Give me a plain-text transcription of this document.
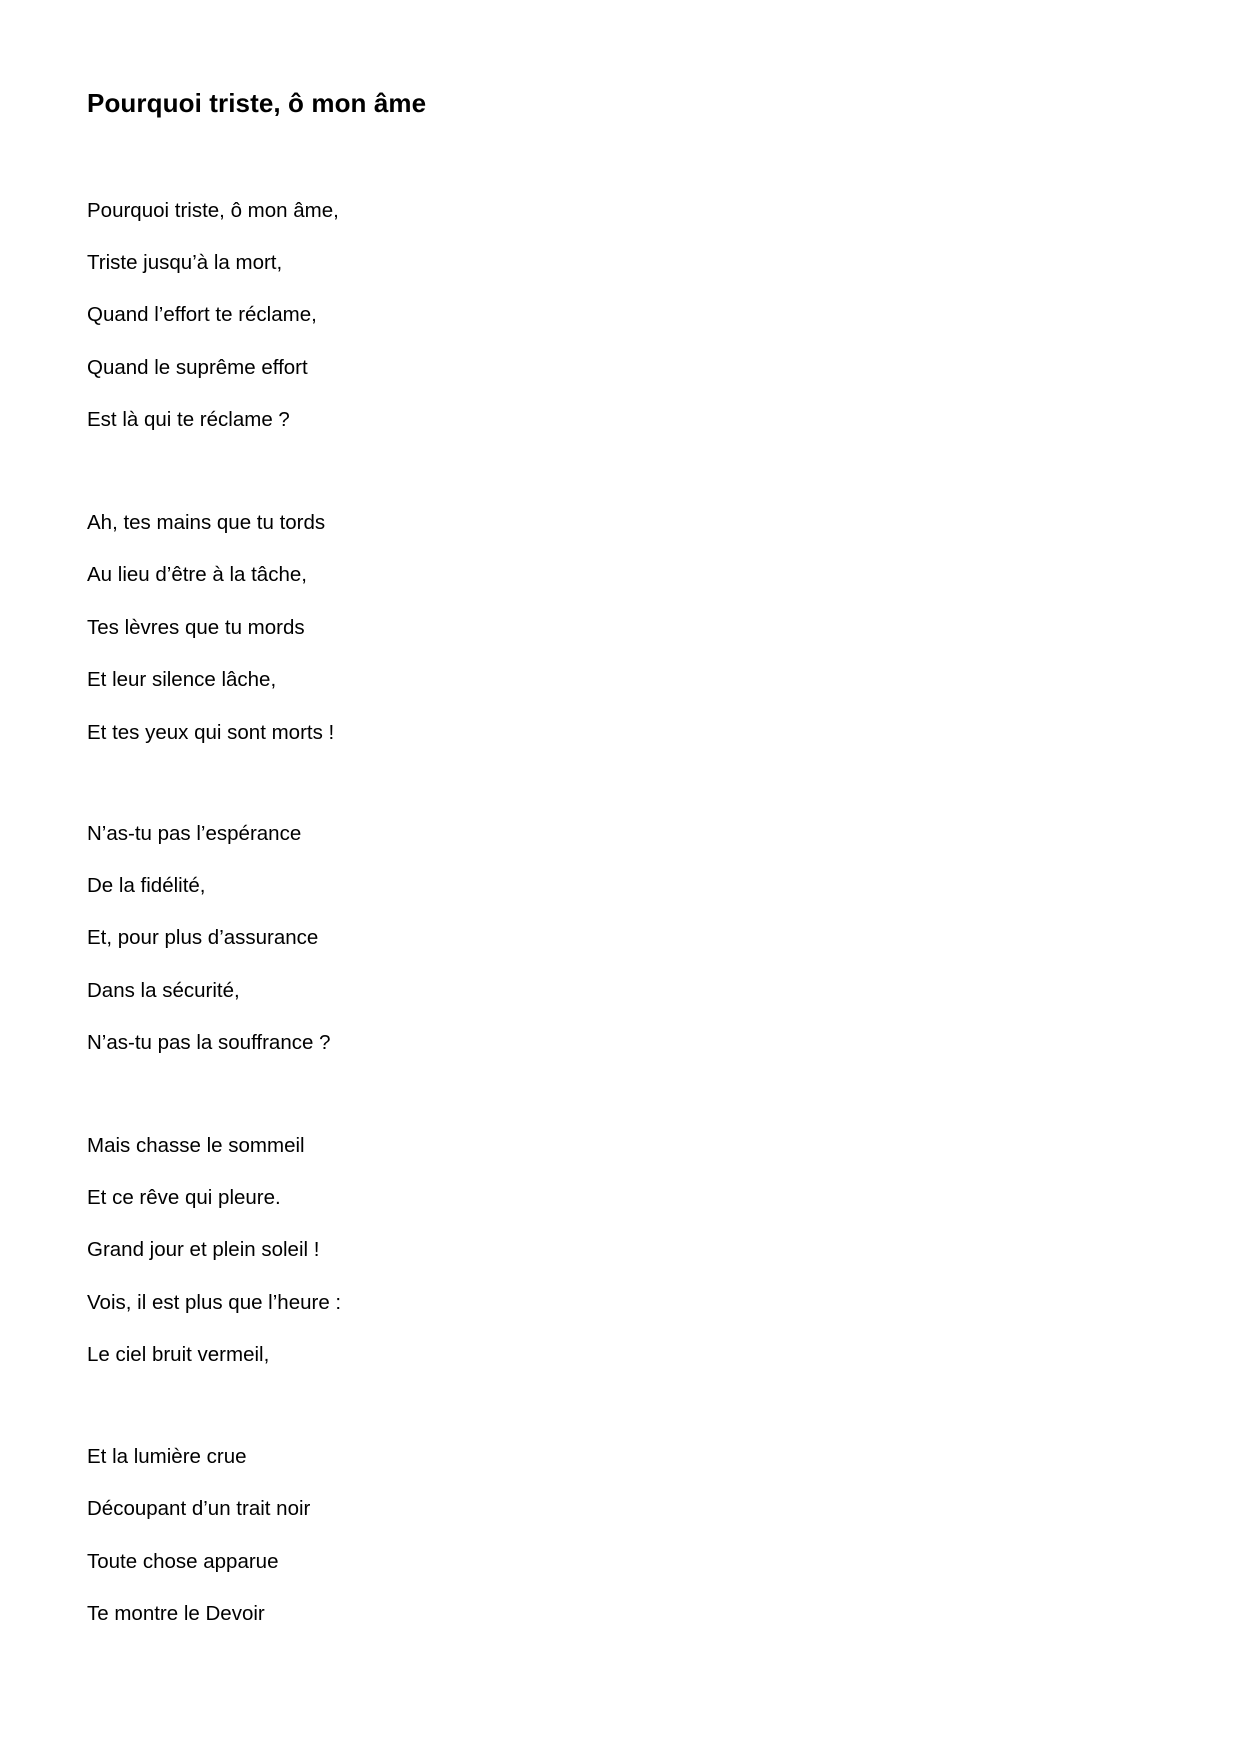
Pourquoi triste, ô mon âme
Pourquoi triste, ô mon âme,
Triste jusqu’à la mort,
Quand l’effort te réclame,
Quand le suprême effort
Est là qui te réclame ?
Ah, tes mains que tu tords
Au lieu d’être à la tâche,
Tes lèvres que tu mords
Et leur silence lâche,
Et tes yeux qui sont morts !
N’as-tu pas l’espérance
De la fidélité,
Et, pour plus d’assurance
Dans la sécurité,
N’as-tu pas la souffrance ?
Mais chasse le sommeil
Et ce rêve qui pleure.
Grand jour et plein soleil !
Vois, il est plus que l’heure :
Le ciel bruit vermeil,
Et la lumière crue
Découpant d’un trait noir
Toute chose apparue
Te montre le Devoir
